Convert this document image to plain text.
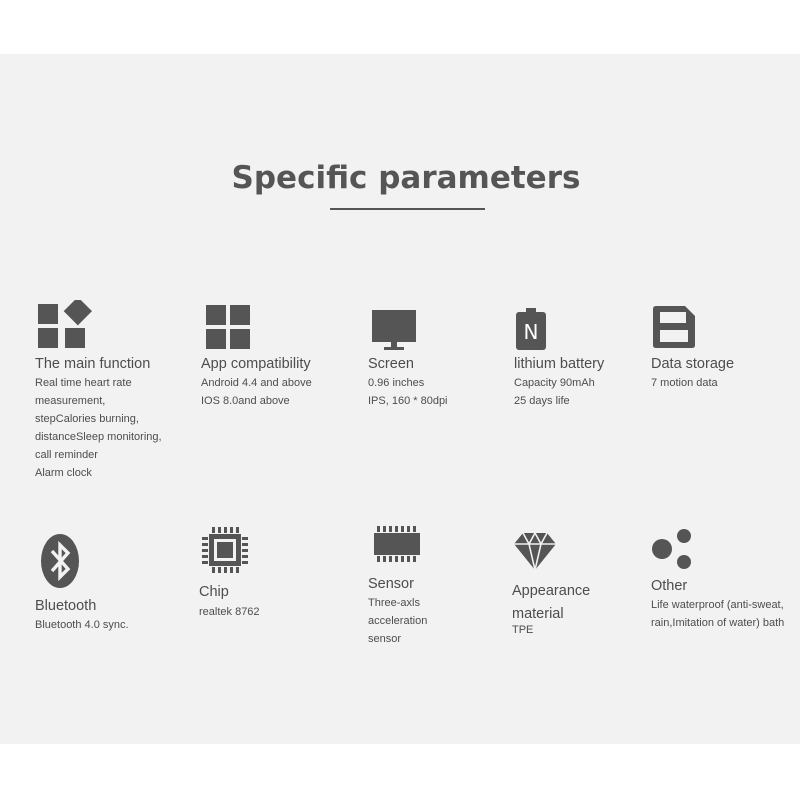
Specific parameters
The main function
Real time heart rate
measurement,
stepCalories burning,
distanceSleep monitoring,
call reminder
Alarm clock
App compatibility
Android 4.4 and above
IOS 8.0and above
Screen
0.96 inches
IPS, 160 * 80dpi
N
lithium battery
Capacity 90mAh
25 days life
Data storage
7 motion data
Bluetooth
Bluetooth 4.0 sync.
Chip
realtek 8762
Sensor
Three-axls
acceleration
sensor
Appearance
material
TPE
Other
Life waterproof (anti-sweat,
rain,Imitation of water) bath
